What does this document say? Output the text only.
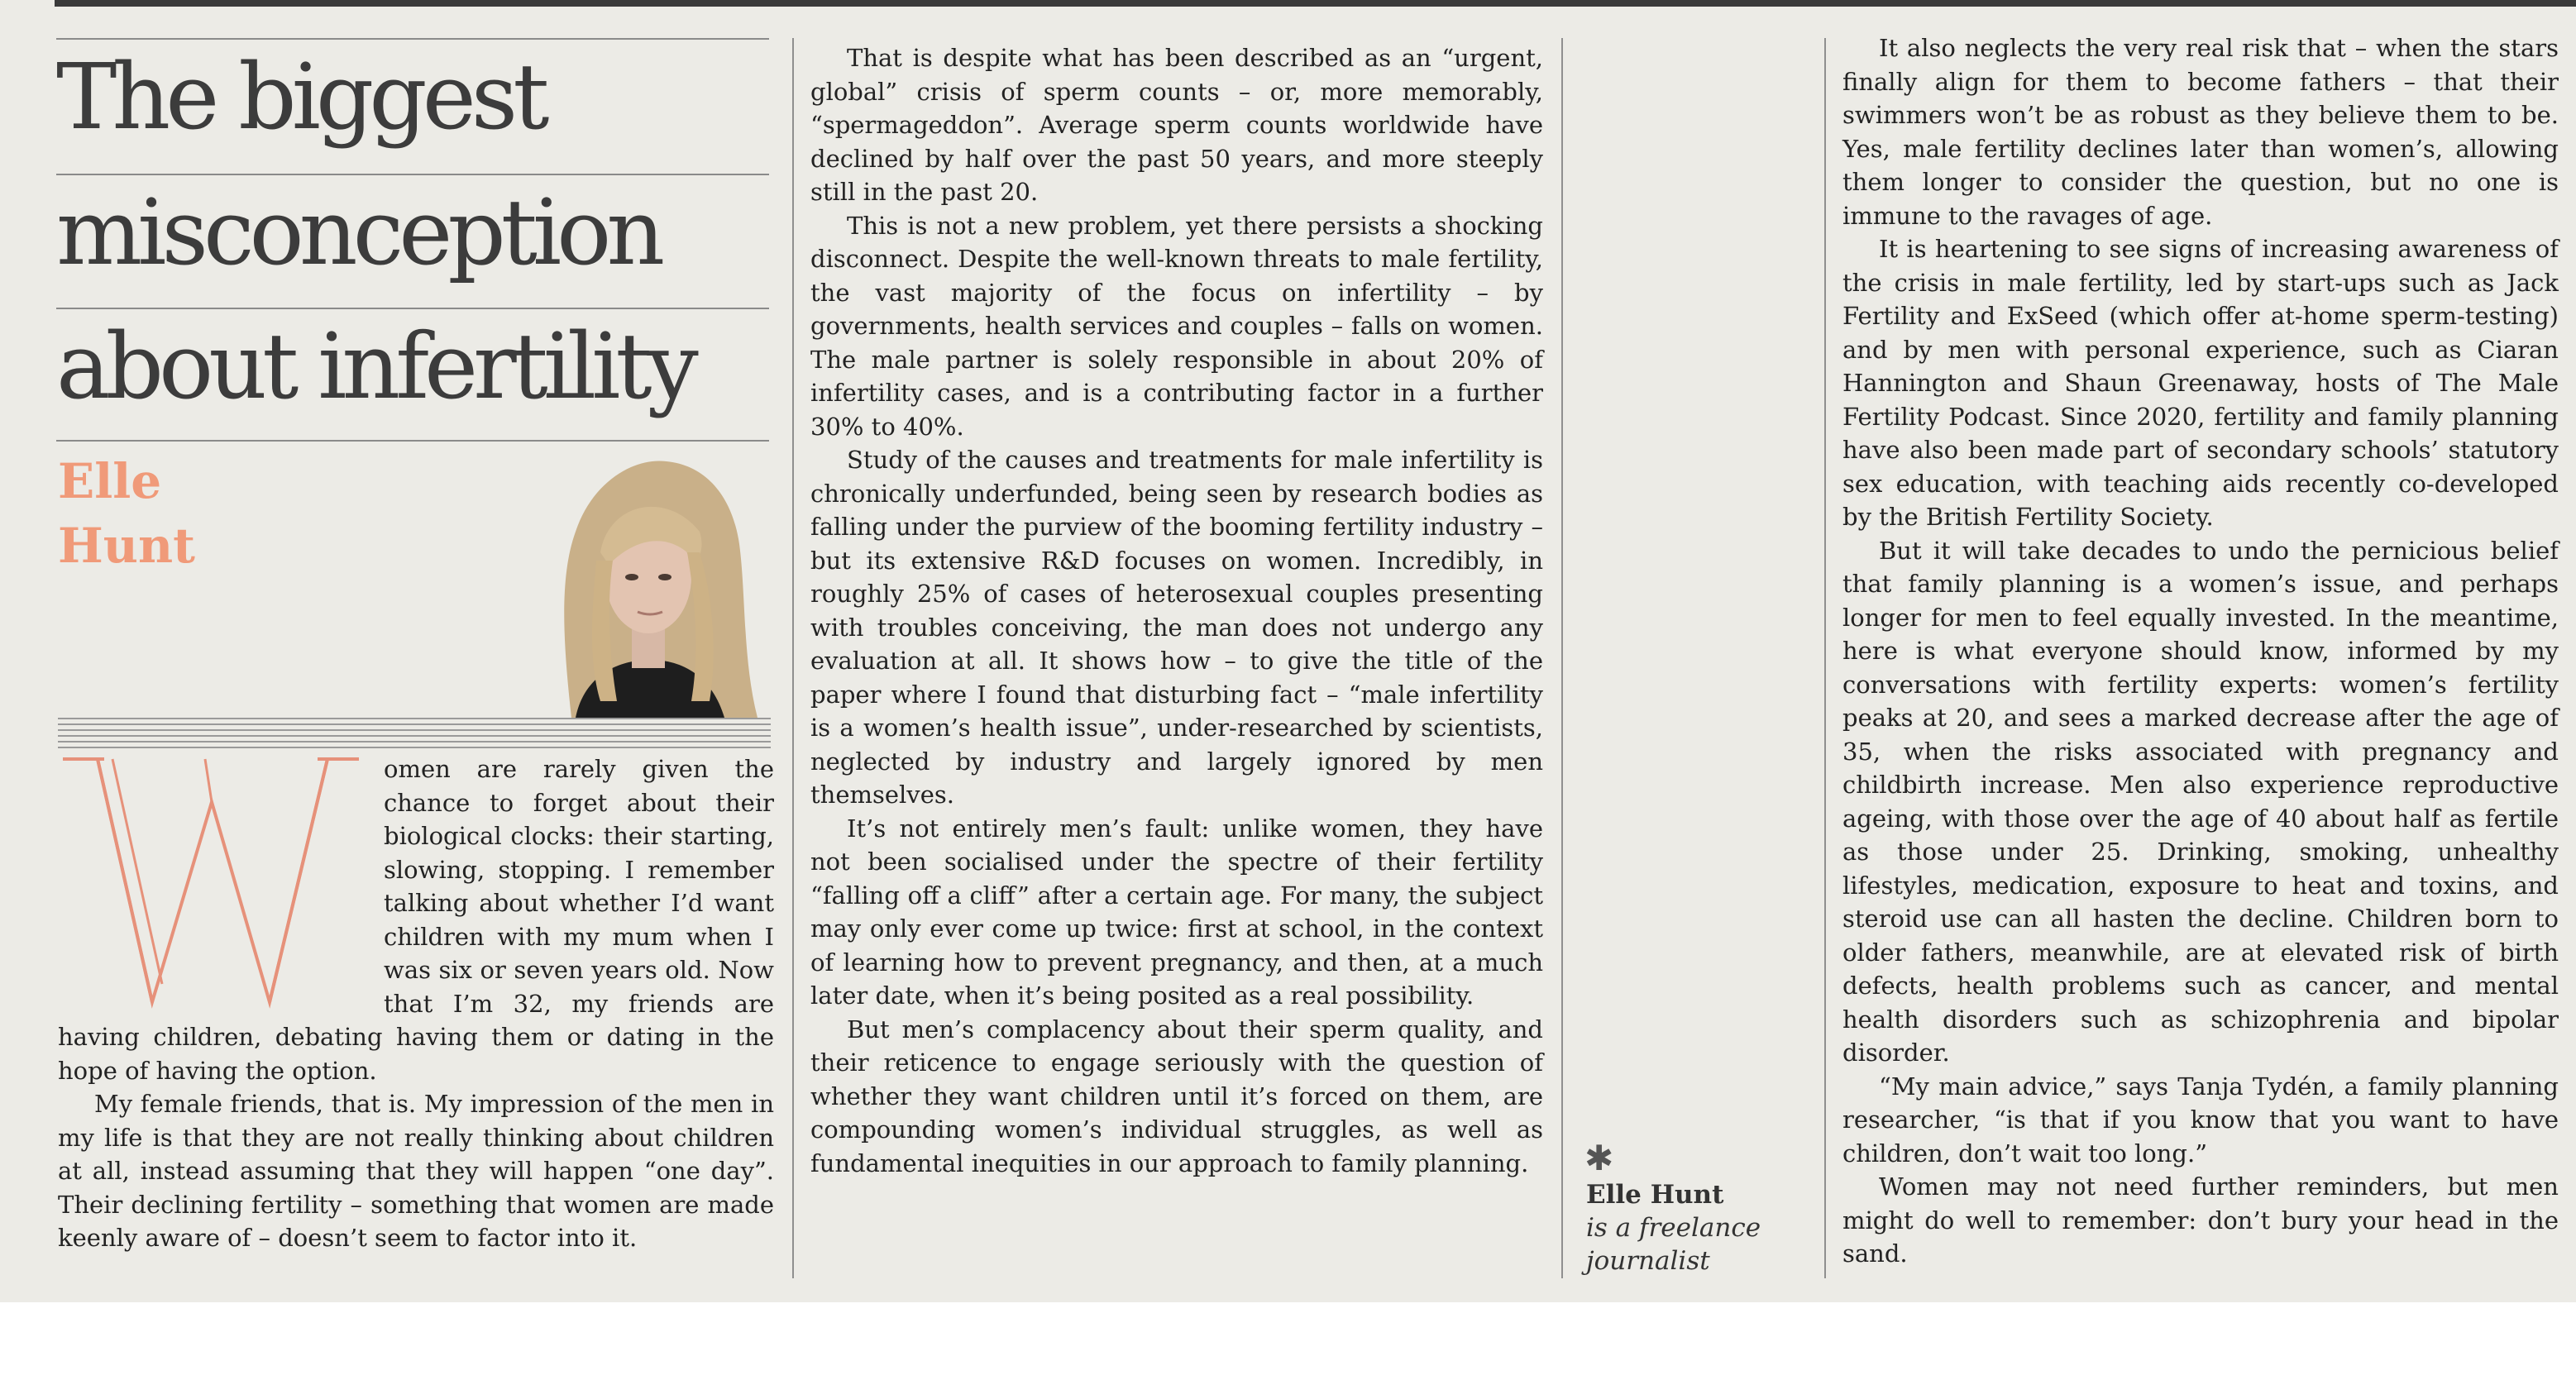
The biggest
misconception
about infertility
Elle
Hunt

W
omen are rarely given the chance to forget about their biological clocks: their starting, slowing, stopping. I remember talking about whether I’d want children with my mum when I was six or seven years old. Now that I’m 32, my friends are having children, debating having them or dating in the hope of having the option.

My female friends, that is. My impression of the men in my life is that they are not really thinking about children at all, instead assuming that they will happen “one day”. Their declining fertility – something that women are made keenly aware of – doesn’t seem to factor into it.

That is despite what has been described as an “urgent, global” crisis of sperm counts – or, more memorably, “spermageddon”. Average sperm counts worldwide have declined by half over the past 50 years, and more steeply still in the past 20.

This is not a new problem, yet there persists a shocking disconnect. Despite the well-known threats to male fertility, the vast majority of the focus on infertility – by governments, health services and couples – falls on women. The male partner is solely responsible in about 20% of infertility cases, and is a contributing factor in a further 30% to 40%.

Study of the causes and treatments for male infertility is chronically underfunded, being seen by research bodies as falling under the purview of the booming fertility industry – but its extensive R&D focuses on women. Incredibly, in roughly 25% of cases of heterosexual couples presenting with troubles conceiving, the man does not undergo any evaluation at all. It shows how – to give the title of the paper where I found that disturbing fact – “male infertility is a women’s health issue”, under-researched by scientists, neglected by industry and largely ignored by men themselves.

It’s not entirely men’s fault: unlike women, they have not been socialised under the spectre of their fertility “falling off a cliff” after a certain age. For many, the subject may only ever come up twice: first at school, in the context of learning how to prevent pregnancy, and then, at a much later date, when it’s being posited as a real possibility.

But men’s complacency about their sperm quality, and their reticence to engage seriously with the question of whether they want children until it’s forced on them, are compounding women’s individual struggles, as well as fundamental inequities in our approach to family planning.	✱
Elle Hunt
is a freelance
journalist

It also neglects the very real risk that – when the stars finally align for them to become fathers – that their swimmers won’t be as robust as they believe them to be. Yes, male fertility declines later than women’s, allowing them longer to consider the question, but no one is immune to the ravages of age.

It is heartening to see signs of increasing awareness of the crisis in male fertility, led by start-ups such as Jack Fertility and ExSeed (which offer at-home sperm-testing) and by men with personal experience, such as Ciaran Hannington and Shaun Greenaway, hosts of The Male Fertility Podcast. Since 2020, fertility and family planning have also been made part of secondary schools’ statutory sex education, with teaching aids recently co-developed by the British Fertility Society.

But it will take decades to undo the pernicious belief that family planning is a women’s issue, and perhaps longer for men to feel equally invested. In the meantime, here is what everyone should know, informed by my conversations with fertility experts: women’s fertility peaks at 20, and sees a marked decrease after the age of 35, when the risks associated with pregnancy and childbirth increase. Men also experience reproductive ageing, with those over the age of 40 about half as fertile as those under 25. Drinking, smoking, unhealthy lifestyles, medication, exposure to heat and toxins, and steroid use can all hasten the decline. Children born to older fathers, meanwhile, are at elevated risk of birth defects, health problems such as cancer, and mental health disorders such as schizophrenia and bipolar disorder.

“My main advice,” says Tanja Tydén, a family planning researcher, “is that if you know that you want to have children, don’t wait too long.”

Women may not need further reminders, but men might do well to remember: don’t bury your head in the sand.
